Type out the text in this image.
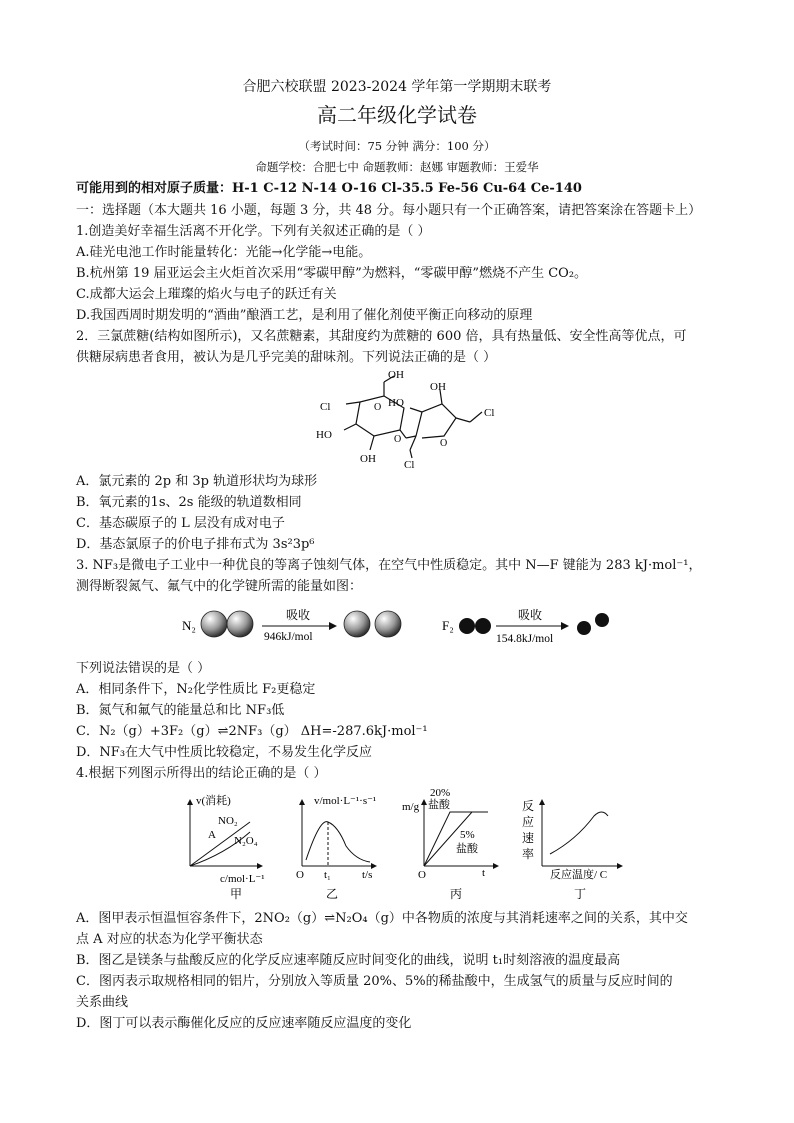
合肥六校联盟 2023-2024 学年第一学期期末联考
高二年级化学试卷
（考试时间：75 分钟 满分：100 分）
命题学校：合肥七中 命题教师：赵娜 审题教师：王爱华
可能用到的相对原子质量：H-1 C-12 N-14 O-16 Cl-35.5 Fe-56 Cu-64 Ce-140
一：选择题（本大题共 16 小题，每题 3 分，共 48 分。每小题只有一个正确答案，请把答案涂在答题卡上）
1.创造美好幸福生活离不开化学。下列有关叙述正确的是（ ）
A.硅光电池工作时能量转化：光能→化学能→电能。
B.杭州第 19 届亚运会主火炬首次采用“零碳甲醇”为燃料，“零碳甲醇”燃烧不产生 CO₂。
C.成都大运会上璀璨的焰火与电子的跃迁有关
D.我国西周时期发明的“酒曲”酿酒工艺，是利用了催化剂使平衡正向移动的原理
2．三氯蔗糖(结构如图所示)，又名蔗糖素，其甜度约为蔗糖的 600 倍，具有热量低、安全性高等优点，可
供糖尿病患者食用，被认为是几乎完美的甜味剂。下列说法正确的是（ ）
OH
Cl
HO
O
OH
O
OH
HO
O
Cl
Cl
A．氯元素的 2p 和 3p 轨道形状均为球形
B．氧元素的1s、2s 能级的轨道数相同
C．基态碳原子的 L 层没有成对电子
D．基态氯原子的价电子排布式为 3s²3p⁶
3. NF₃是微电子工业中一种优良的等离子蚀刻气体，在空气中性质稳定。其中 N—F 键能为 283 kJ·mol⁻¹，
测得断裂氮气、氟气中的化学键所需的能量如图：
N₂
吸收
946kJ/mol
F₂
吸收
154.8kJ/mol
下列说法错误的是（ ）
A．相同条件下，N₂化学性质比 F₂更稳定
B．氮气和氟气的能量总和比 NF₃低
C．N₂（g）+3F₂（g）⇌2NF₃（g） ΔH=-287.6kJ·mol⁻¹
D．NF₃在大气中性质比较稳定，不易发生化学反应
4.根据下列图示所得出的结论正确的是（ ）
v(消耗)
NO₂
A N₂O₄
c/mol·L⁻¹
甲
v/mol·L⁻¹·s⁻¹
O t₁	t/s
乙
m/g
20%
盐酸
5%
盐酸
O	t
丙
反
应
速
率
反应温度/ C
丁
A．图甲表示恒温恒容条件下，2NO₂（g）⇌N₂O₄（g）中各物质的浓度与其消耗速率之间的关系，其中交
点 A 对应的状态为化学平衡状态
B．图乙是镁条与盐酸反应的化学反应速率随反应时间变化的曲线，说明 t₁时刻溶液的温度最高
C．图丙表示取规格相同的铝片，分别放入等质量 20%、5%的稀盐酸中，生成氢气的质量与反应时间的
关系曲线
D．图丁可以表示酶催化反应的反应速率随反应温度的变化
